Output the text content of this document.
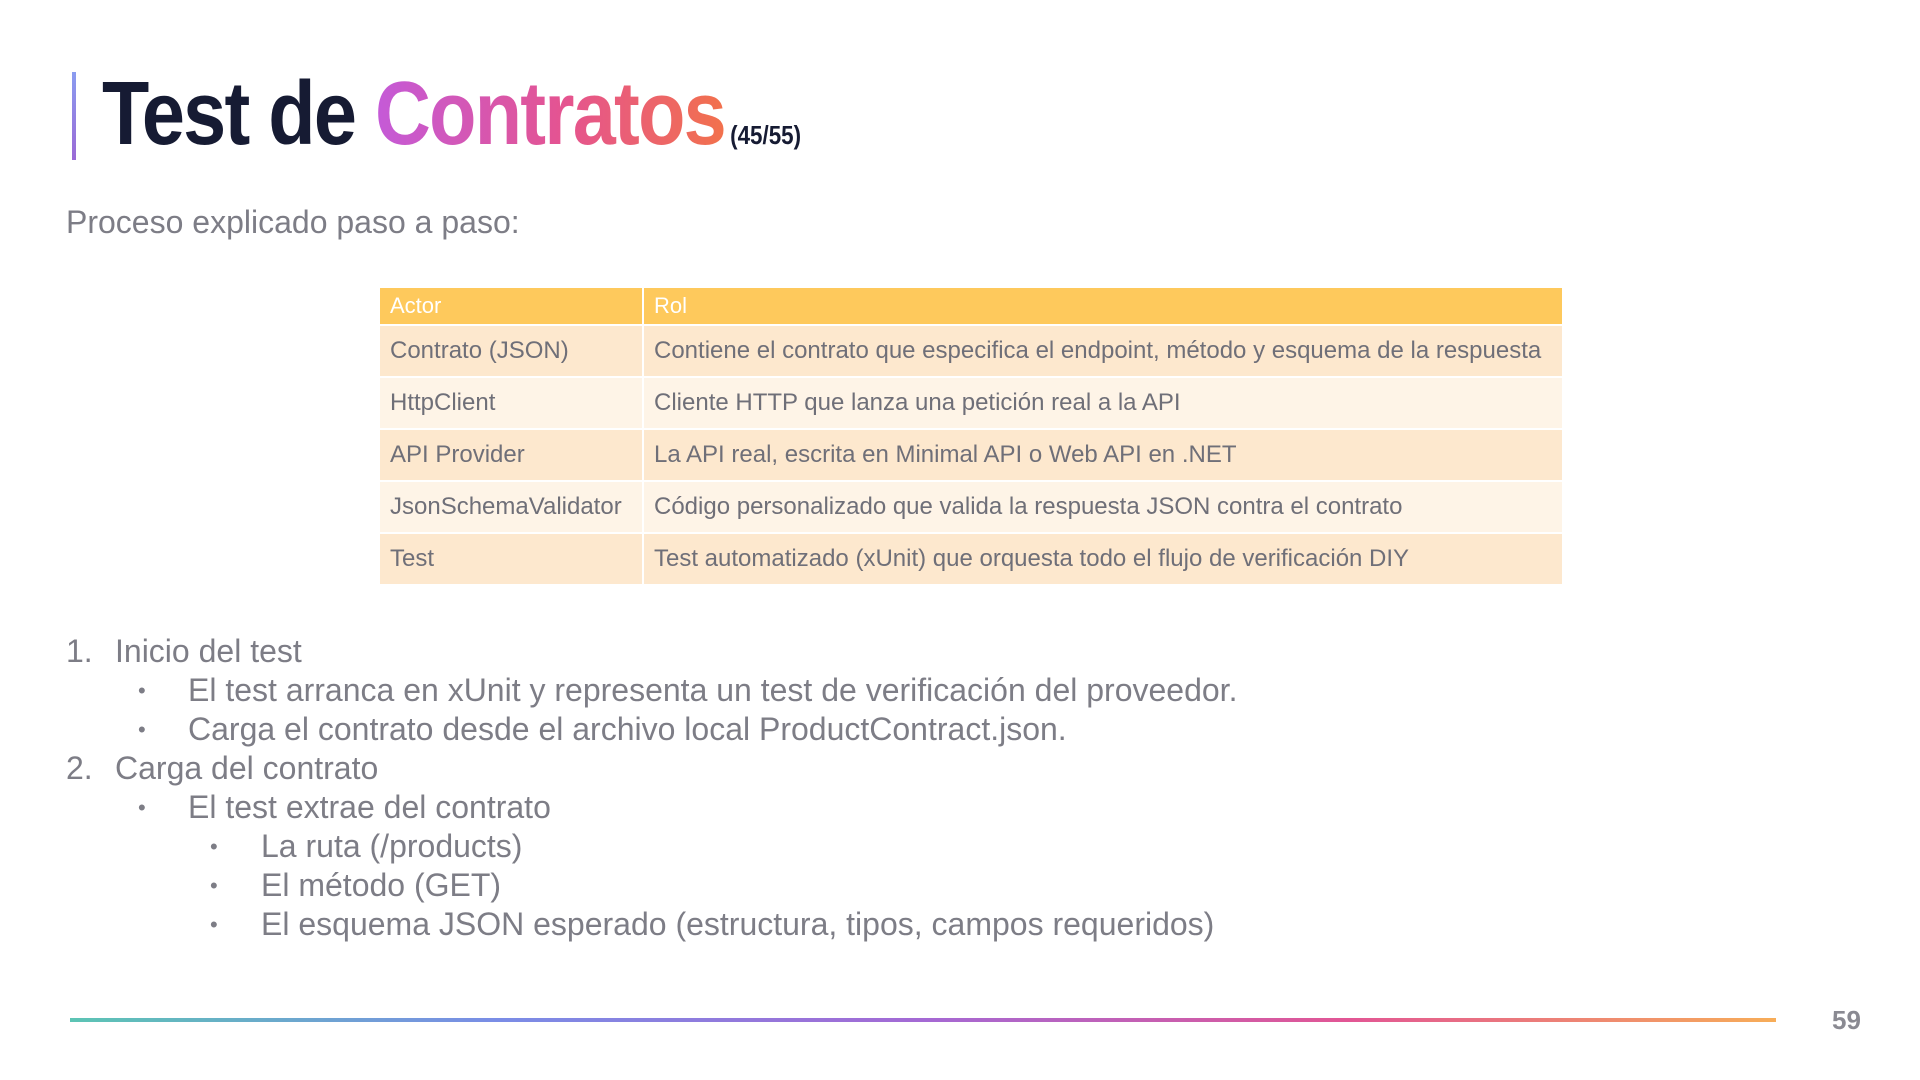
Test de Contratos (45/55)

Proceso explicado paso a paso:

Actor	Rol
Contrato (JSON)	Contiene el contrato que especifica el endpoint, método y esquema de la respuesta
HttpClient	Cliente HTTP que lanza una petición real a la API
API Provider	La API real, escrita en Minimal API o Web API en .NET
JsonSchemaValidator	Código personalizado que valida la respuesta JSON contra el contrato
Test	Test automatizado (xUnit) que orquesta todo el flujo de verificación DIY
1. Inicio del test
• El test arranca en xUnit y representa un test de verificación del proveedor.
• Carga el contrato desde el archivo local ProductContract.json.
2. Carga del contrato
• El test extrae del contrato
• La ruta (/products)
• El método (GET)
• El esquema JSON esperado (estructura, tipos, campos requeridos)
59
